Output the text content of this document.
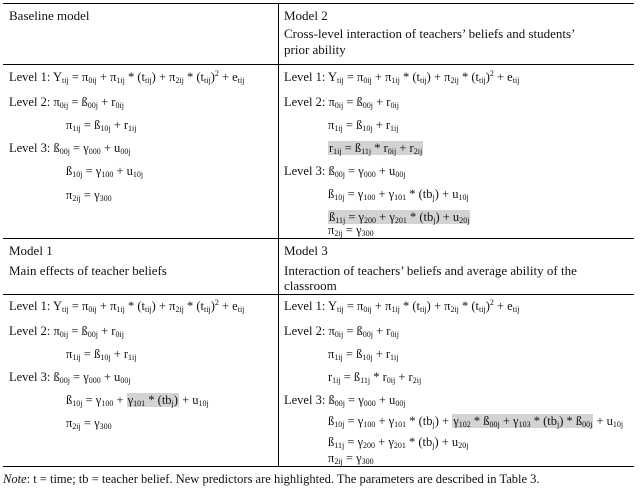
Baseline model	Model 2
Cross-level interaction of teachers’ beliefs and students’
prior ability
Level 1: $Y_{tij} = \pi_{0ij} + \pi_{1ij} * (t_{tij}) + \pi_{2ij} * (t_{tij})^2 + e_{tij}$
Level 2: $\pi_{0ij}$ = $ß_{00j} + r_{0ij}$
$\pi_{1ij}$ = $ß_{10j} + r_{1ij}$
Level 3: $ß_{00j} = \gamma_{000} + u_{00j}$
$ß_{10j} = \gamma_{100} + u_{10j}$
$\pi_{2ij} = \gamma_{300}$
Level 1: $Y_{tij} = \pi_{0ij} + \pi_{1ij} * (t_{tij}) + \pi_{2ij} * (t_{tij})^2 + e_{tij}$
Level 2: $\pi_{0ij}$ = $ß_{00j} + r_{0ij}$
$\pi_{1ij}$ = $ß_{10j} + r_{1ij}$
$r_{1ij}$ = $ß_{11j} * r_{0ij} + r_{2ij}$
Level 3: $ß_{00j} = \gamma_{000} + u_{00j}$
$ß_{10j} = \gamma_{100} + \gamma_{101} * (tb_j) + u_{10j}$
$ß_{11j} = \gamma_{200} + \gamma_{201} * (tb_j) + u_{20j}$
Model 1
Main effects of teacher beliefs
Model 3
Interaction of teachers’ beliefs and average ability of the
classroom
Level 1: $Y_{tij} = \pi_{0ij} + \pi_{1ij} * (t_{tij}) + \pi_{2ij} * (t_{tij})^2 + e_{tij}$
Level 2: $\pi_{0ij}$ = $ß_{00j} + r_{0ij}$
$\pi_{1ij}$ = $ß_{10j} + r_{1ij}$
Level 3: $ß_{00j} = \gamma_{000} + u_{00j}$
$ß_{10j} = \gamma_{100} + \gamma_{101} * (tb_j) + u_{10j}$
$\pi_{2ij} = \gamma_{300}$
Level 1: $Y_{tij} = \pi_{0ij} + \pi_{1ij} * (t_{tij}) + \pi_{2ij} * (t_{tij})^2 + e_{tij}$
Level 2: $\pi_{0ij}$ = $ß_{00j} + r_{0ij}$
$\pi_{1ij}$ = $ß_{10j} + r_{1ij}$
$r_{1ij}$ = $ß_{11j} * r_{0ij} + r_{2ij}$
Level 3: $ß_{00j} = \gamma_{000} + u_{00j}$
$ß_{10j} = \gamma_{100} + \gamma_{101} * (tb_j) + \gamma_{102}$ * $ß_{00j} + \gamma_{103} * (tb_j)$ * $ß_{00j} + u_{10j}$
$ß_{11j} = \gamma_{200} + \gamma_{201} * (tb_j) + u_{20j}$
$\pi_{2ij} = \gamma_{300}$
$\pi_{2ij} = \gamma_{300}$
Note: t = time; tb = teacher belief. New predictors are highlighted. The parameters are described in Table 3.
